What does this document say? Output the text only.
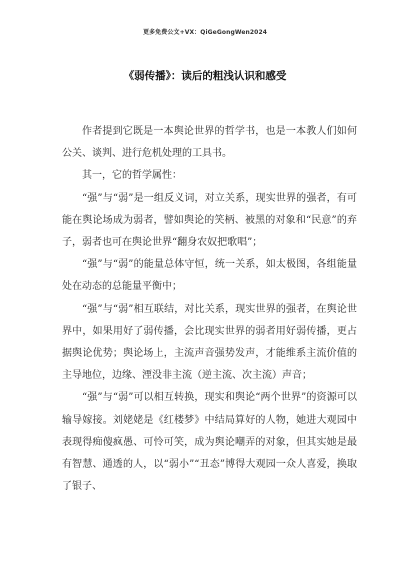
更多免费公文+VX：QiGeGongWen2024
《弱传播》：读后的粗浅认识和感受

作者提到它既是一本舆论世界的哲学书，也是一本教人们如何公关、谈判、进行危机处理的工具书。

其一，它的哲学属性：

“强”与“弱”是一组反义词，对立关系，现实世界的强者，有可能在舆论场成为弱者，譬如舆论的笑柄、被黑的对象和“民意”的弃子，弱者也可在舆论世界“翻身农奴把歌唱”；

“强”与“弱”的能量总体守恒，统一关系，如太极图，各组能量处在动态的总能量平衡中；

“强”与“弱”相互联结，对比关系，现实世界的强者，在舆论世界中，如果用好了弱传播，会比现实世界的弱者用好弱传播，更占据舆论优势；舆论场上，主流声音强势发声，才能维系主流价值的主导地位，边缘、湮没非主流（逆主流、次主流）声音；

“强”与“弱”可以相互转换，现实和舆论“两个世界”的资源可以输导嫁接。刘姥姥是《红楼梦》中结局算好的人物，她进大观园中表现得痴傻疯愚、可怜可笑，成为舆论嘲弄的对象，但其实她是最有智慧、通透的人，以“弱小”“丑态”博得大观园一众人喜爱，换取了银子、
